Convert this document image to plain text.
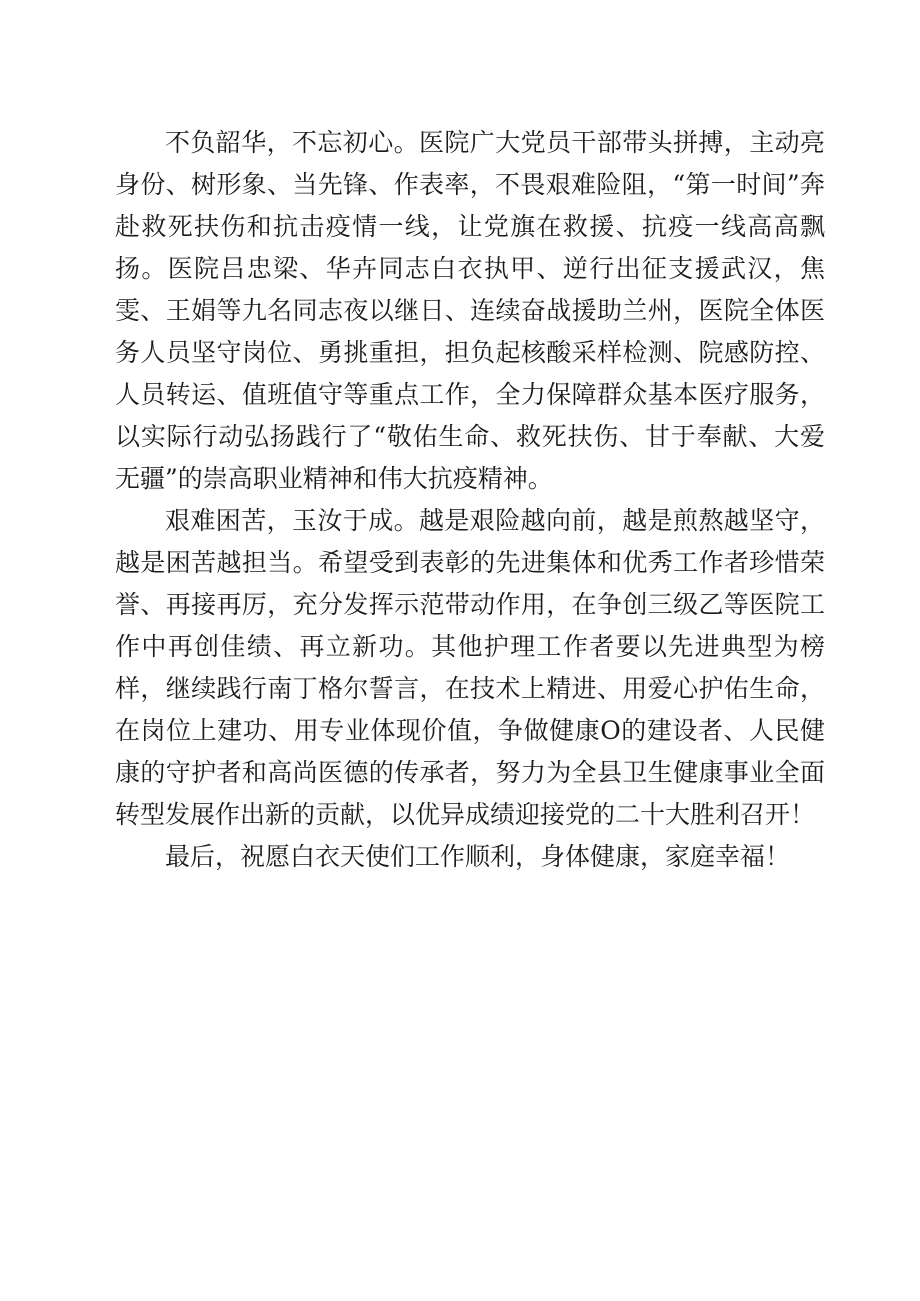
不负韶华，不忘初心。医院广大党员干部带头拼搏，主动亮身份、树形象、当先锋、作表率，不畏艰难险阻，“第一时间”奔赴救死扶伤和抗击疫情一线，让党旗在救援、抗疫一线高高飘扬。医院吕忠梁、华卉同志白衣执甲、逆行出征支援武汉，焦雯、王娟等九名同志夜以继日、连续奋战援助兰州，医院全体医务人员坚守岗位、勇挑重担，担负起核酸采样检测、院感防控、人员转运、值班值守等重点工作，全力保障群众基本医疗服务，以实际行动弘扬践行了“敬佑生命、救死扶伤、甘于奉献、大爱无疆”的崇高职业精神和伟大抗疫精神。

艰难困苦，玉汝于成。越是艰险越向前，越是煎熬越坚守，越是困苦越担当。希望受到表彰的先进集体和优秀工作者珍惜荣誉、再接再厉，充分发挥示范带动作用，在争创三级乙等医院工作中再创佳绩、再立新功。其他护理工作者要以先进典型为榜样，继续践行南丁格尔誓言，在技术上精进、用爱心护佑生命，在岗位上建功、用专业体现价值，争做健康O的建设者、人民健康的守护者和高尚医德的传承者，努力为全县卫生健康事业全面转型发展作出新的贡献，以优异成绩迎接党的二十大胜利召开！

最后，祝愿白衣天使们工作顺利，身体健康，家庭幸福！
